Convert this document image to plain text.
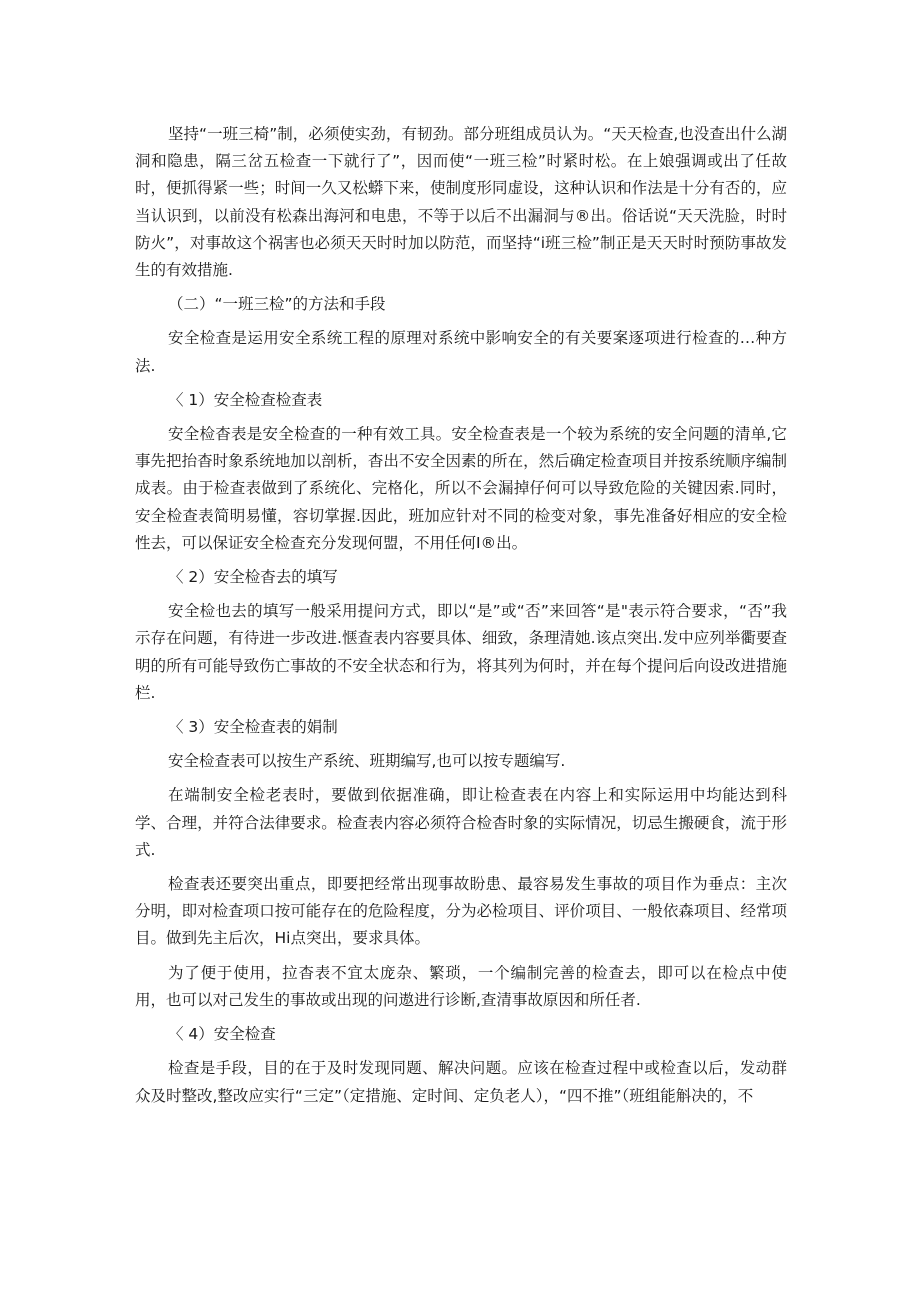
坚持“一班三椅”制，必须使实劲，有韧劲。部分班组成员认为。“天天检查,也没查出什么湖洞和隐患，隔三岔五检查一下就行了”，因而使“一班三检”时紧时松。在上娘强调或出了任故时，便抓得紧一些；时间一久又松蟒下来，使制度形同虚设，这种认识和作法是十分有否的，应当认识到，以前没有松森出海河和电患，不等于以后不出漏洞与®出。俗话说“天天洗脸，时时防火”，对事故这个祸害也必须天天时时加以防范，而坚持“i班三检”制正是天天时时预防事故发生的有效措施.

（二）“一班三检”的方法和手段

安全检查是运用安全系统工程的原理对系统中影响安全的有关要案逐项进行检查的…种方法.

〈 1）安全检查检查表

安全检杳表是安全检查的一种有效工具。安全检查表是一个较为系统的安全问题的清单,它事先把抬杳时象系统地加以剖析，杳出不安全因素的所在，然后确定检查项目并按系统顺序编制成表。由于检查表做到了系统化、完格化，所以不会漏掉仔何可以导致危险的关键因索.同时，安全检查表简明易懂，容切掌握.因此，班加应针对不同的检变对象，事先准备好相应的安全检性去，可以保证安全检查充分发现何盟，不用任何Ⅰ®出。

〈 2）安全检杳去的填写

安全检也去的填写一般采用提问方式，即以“是”或“否”来回答“是"表示符合要求，“否”我示存在问题，有待进一步改进.惬查表内容要具体、细致，条理清她.该点突出.发中应列举衢要查明的所有可能导致伤亡事故的不安全状态和行为，将其列为何时，并在每个提问后向设改进措施栏.

〈 3）安全检查表的娟制

安全检查表可以按生产系统、班期编写,也可以按专题编写.

在端制安全检老表时，要做到依据准确，即让检查表在内容上和实际运用中均能达到科学、合理，并符合法律要求。检查表内容必须符合检杳时象的实际情况，切忌生搬硬食，流于形式.

检查表还要突出重点，即要把经常出现事故盼患、最容易发生事故的项目作为垂点：主次分明，即对检査项口按可能存在的危险程度，分为必检项目、评价项目、一般依森项目、经常项目。做到先主后次，Hi点突出，要求具体。

为了便于使用，拉杳表不宜太庞杂、繁琐，一个编制完善的检查去，即可以在检点中使用，也可以对己发生的事故或出现的问遨进行诊断,查清事故原因和所任者.

〈 4）安全检查

检查是手段，目的在于及时发现同题、解决问题。应该在检查过程中或检查以后，发动群众及时整改,整改应实行“三定”（定措施、定时间、定负老人），“四不推”（班组能斛决的，不
